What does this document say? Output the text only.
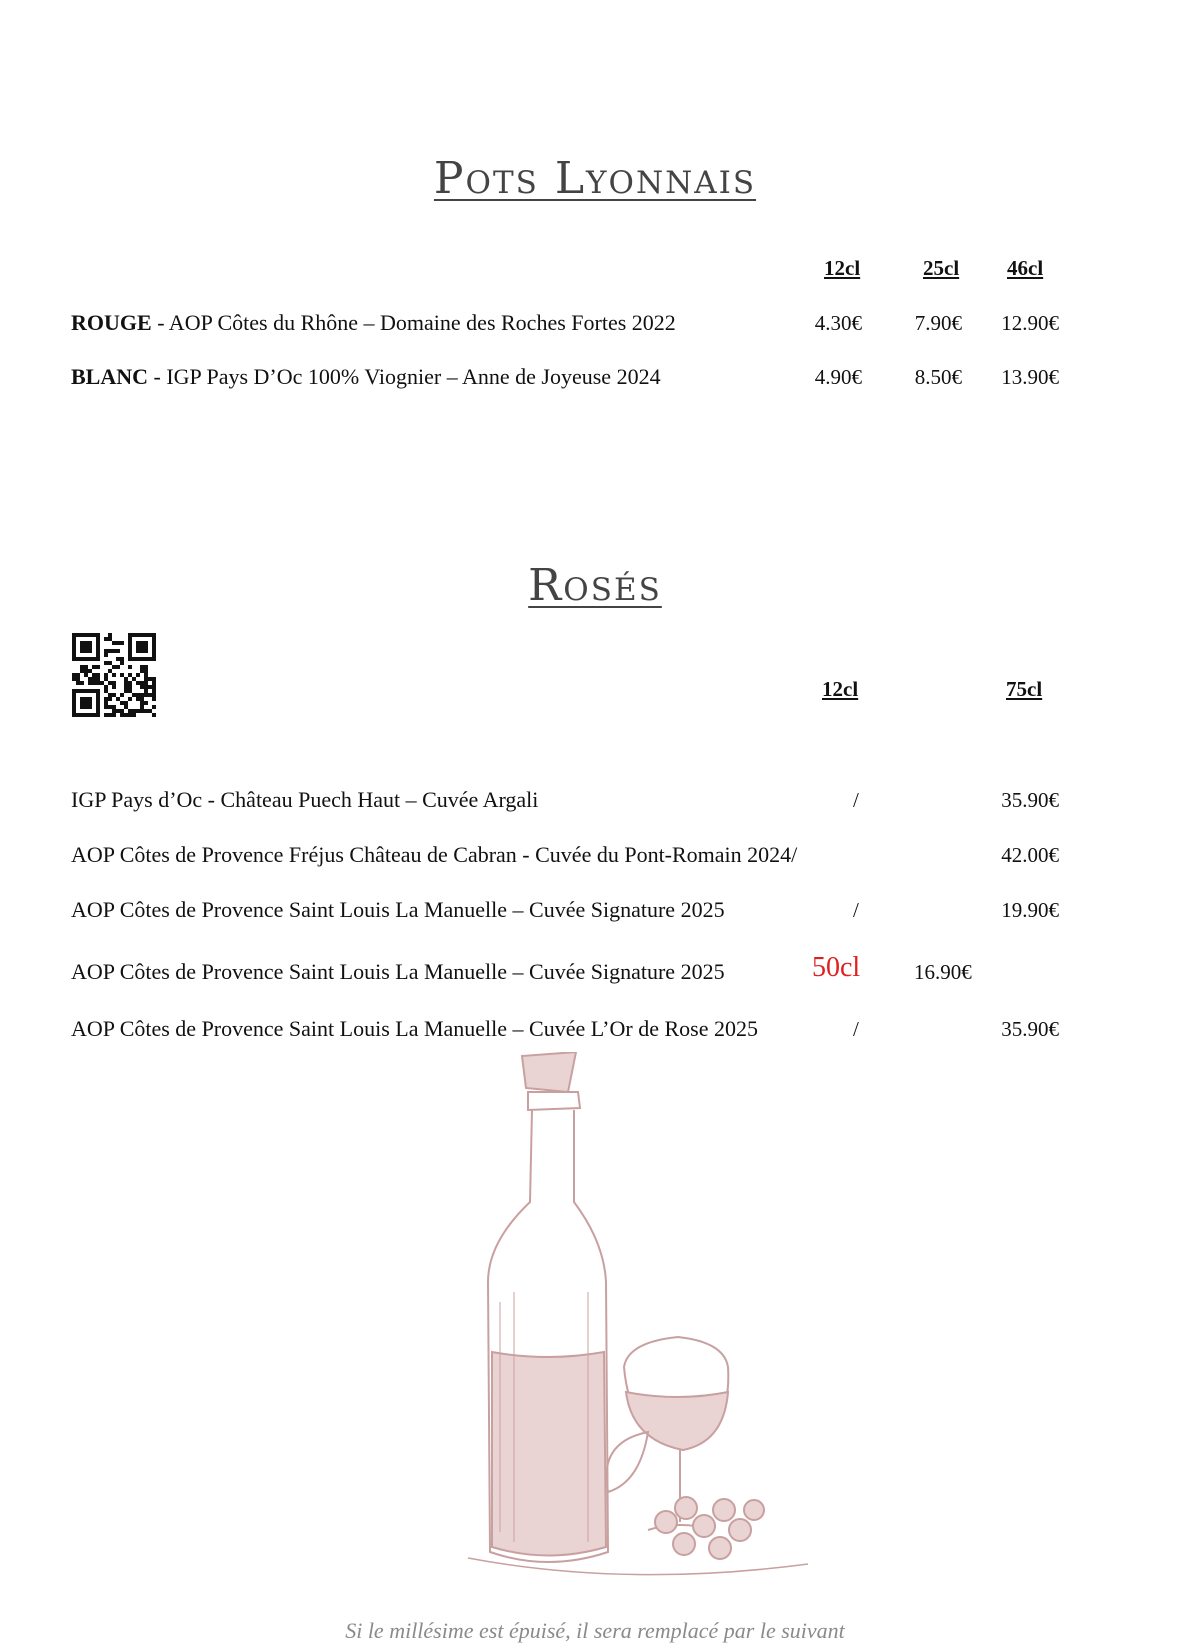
Pots Lyonnais
12cl	25cl 46cl
ROUGE - AOP Côtes du Rhône – Domaine des Roches Fortes 2022	4.30€	7.90€	12.90€
BLANC - IGP Pays D’Oc 100% Viognier – Anne de Joyeuse 2024	4.90€	8.50€	13.90€
Rosés
12cl	75cl
IGP Pays d’Oc - Château Puech Haut – Cuvée Argali	/	35.90€
AOP Côtes de Provence Fréjus Château de Cabran - Cuvée du Pont-Romain 2024/	42.00€
AOP Côtes de Provence Saint Louis La Manuelle – Cuvée Signature 2025	/	19.90€
AOP Côtes de Provence Saint Louis La Manuelle – Cuvée Signature 2025	50cl	16.90€
AOP Côtes de Provence Saint Louis La Manuelle – Cuvée L’Or de Rose 2025	/	35.90€
Si le millésime est épuisé, il sera remplacé par le suivant
